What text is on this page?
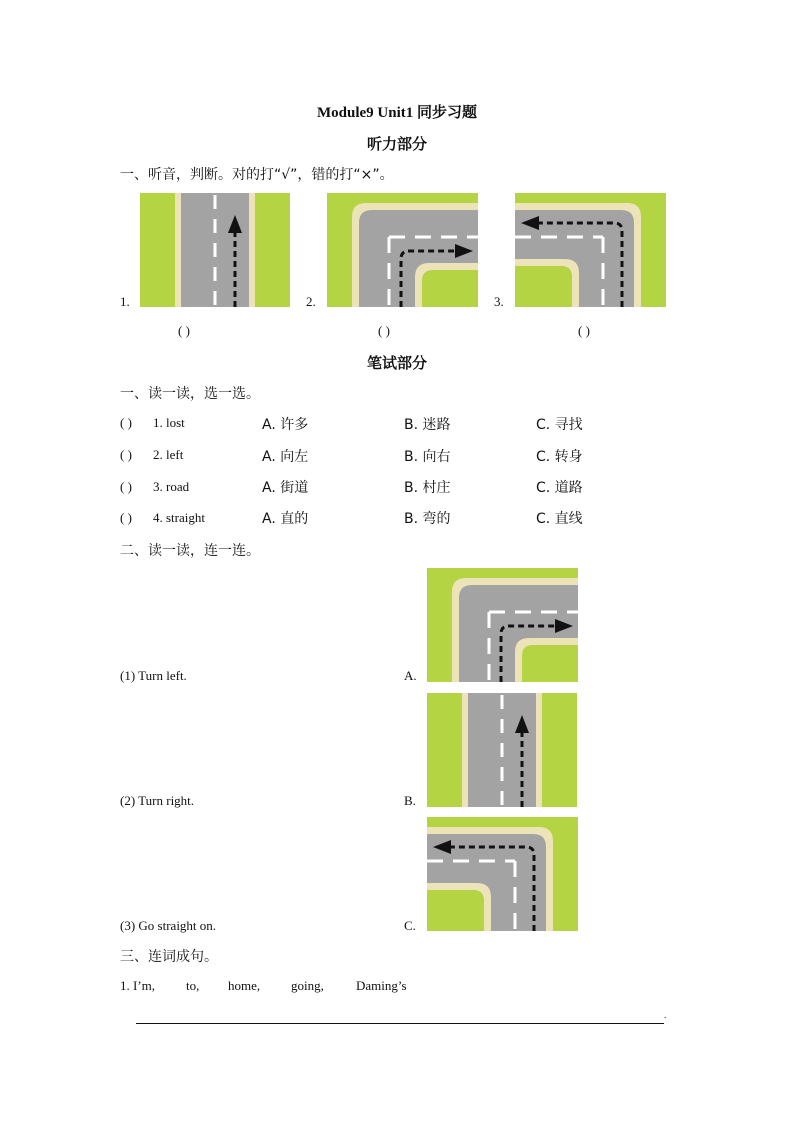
Module9 Unit1 同步习题
听力部分
一、听音，判断。对的打“√”，错的打“×”。
1.	2.	3.
( )	( )	( )
笔试部分
一、读一读，选一选。
( ) 1. lost	A. 许多	B. 迷路	C. 寻找
( ) 2. left	A. 向左	B. 向右	C. 转身
( ) 3. road	A. 街道	B. 村庄	C. 道路
( ) 4. straight	A. 直的	B. 弯的	C. 直线
二、读一读，连一连。
(1) Turn left.	A.
(2) Turn right.	B.
(3) Go straight on.	C.
三、连词成句。
1. I’m, to, home, going, Daming’s
.
